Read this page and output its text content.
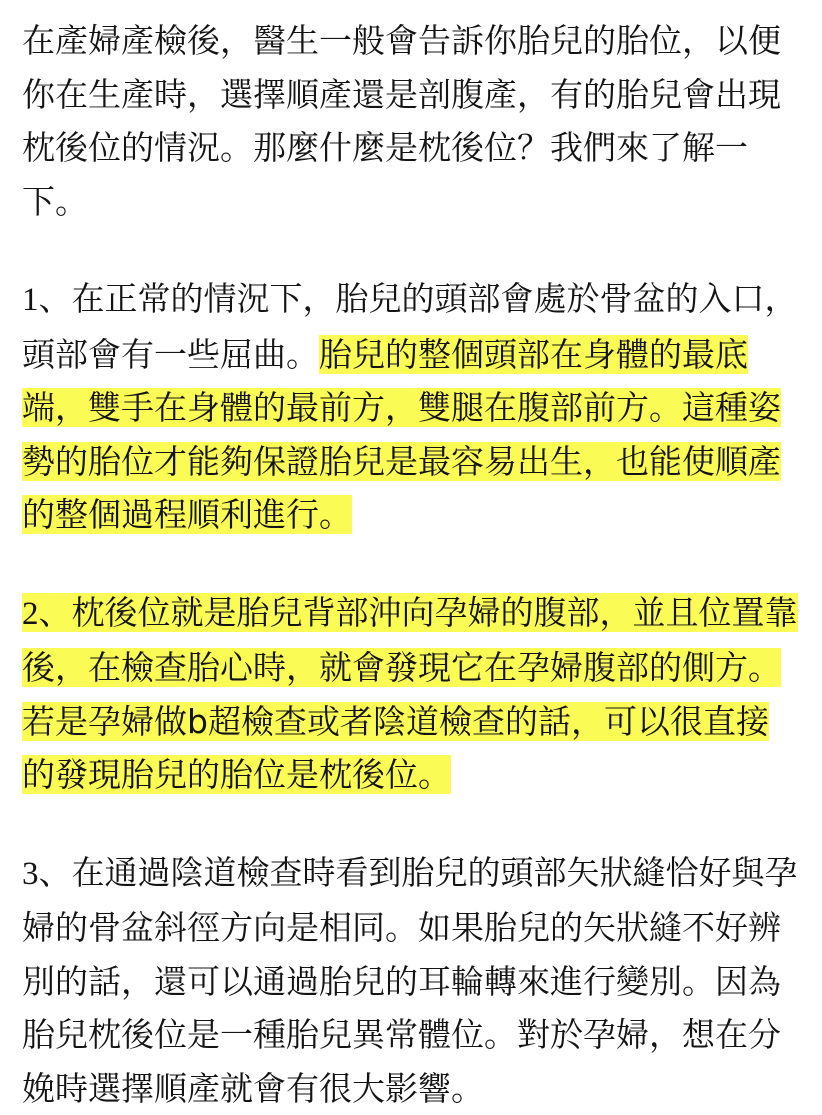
在產婦產檢後，醫生一般會告訴你胎兒的胎位，以便你在生產時，選擇順產還是剖腹產，有的胎兒會出現枕後位的情況。那麼什麼是枕後位？我們來了解一下。

1、在正常的情況下，胎兒的頭部會處於骨盆的入口，頭部會有一些屈曲。胎兒的整個頭部在身體的最底端，雙手在身體的最前方，雙腿在腹部前方。這種姿勢的胎位才能夠保證胎兒是最容易出生，也能使順產的整個過程順利進行。

2、枕後位就是胎兒背部沖向孕婦的腹部，並且位置靠後，在檢查胎心時，就會發現它在孕婦腹部的側方。若是孕婦做b超檢查或者陰道檢查的話，可以很直接的發現胎兒的胎位是枕後位。

3、在通過陰道檢查時看到胎兒的頭部矢狀縫恰好與孕婦的骨盆斜徑方向是相同。如果胎兒的矢狀縫不好辨別的話，還可以通過胎兒的耳輪轉來進行變別。因為胎兒枕後位是一種胎兒異常體位。對於孕婦，想在分娩時選擇順產就會有很大影響。
